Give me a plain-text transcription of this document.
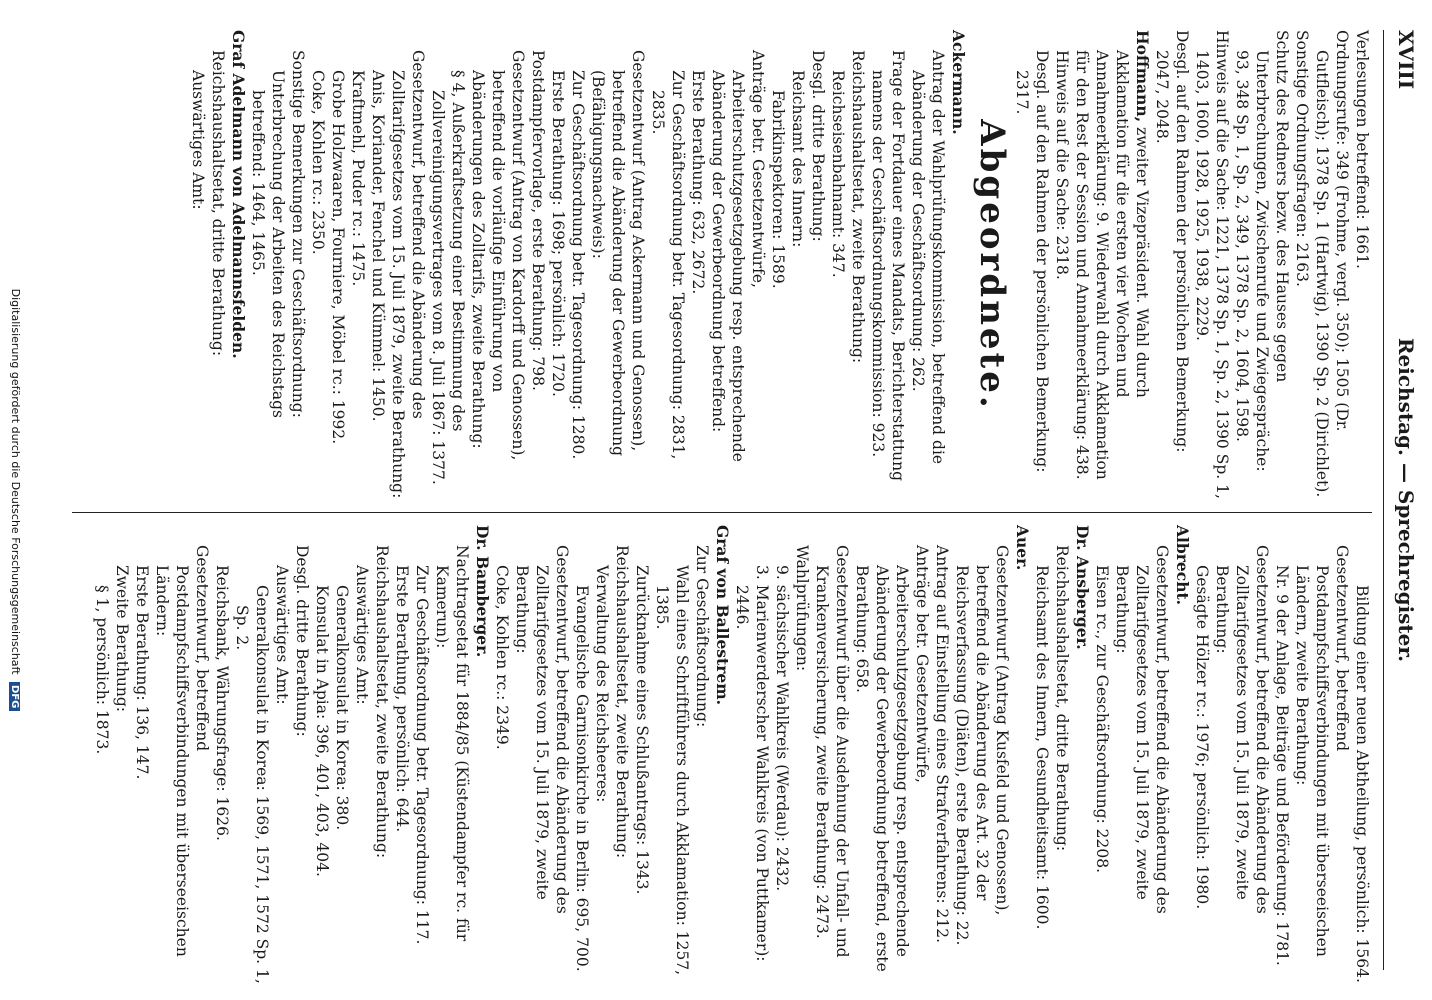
XVIII
Reichstag. — Sprechregister.
Verlesungen betreffend: 1661.
Ordnungsrufe: 349 (Frohme, vergl. 350); 1505 (Dr. Gutfleisch); 1378 Sp. 1 (Hartwig), 1390 Sp. 2 (Dirichlet).
Sonstige Ordnungsfragen: 2163.
Schutz des Redners bezw. des Hauses gegen Unterbrechungen, Zwischenrufe und Zwiegespräche: 93, 348 Sp. 1, Sp. 2, 349, 1378 Sp. 2, 1604, 1598.
Hinweis auf die Sache: 1221, 1378 Sp. 1, Sp. 2, 1390 Sp. 1, 1403, 1600, 1928, 1925, 1938, 2229.
Desgl. auf den Rahmen der persönlichen Bemerkung: 2047, 2048.
Hoffmann, zweiter Vizepräsident. Wahl durch Akklamation für die ersten vier Wochen und Annahmeerklärung: 9. Wiederwahl durch Akklamation für den Rest der Session und Annahmeerklärung: 438.
Hinweis auf die Sache: 2318.
Desgl. auf den Rahmen der persönlichen Bemerkung: 2317.
Abgeordnete.
Ackermann.
Antrag der Wahlprüfungskommission, betreffend die Abänderung der Geschäftsordnung: 262.
Frage der Fortdauer eines Mandats, Berichterstattung namens der Geschäftsordnungskommission: 923.
Reichshaushaltsetat, zweite Berathung:
Reichseisenbahnamt: 347.
Desgl. dritte Berathung:
Reichsamt des Innern:
Fabrikinspektoren: 1589.
Anträge betr. Gesetzentwürfe, Arbeiterschutzgesetzgebung resp. entsprechende Abänderung der Gewerbeordnung betreffend:
Erste Berathung: 632, 2672.
Zur Geschäftsordnung betr. Tagesordnung: 2831, 2835.
Gesetzentwurf (Antrag Ackermann und Genossen), betreffend die Abänderung der Gewerbeordnung (Befähigungsnachweis):
Zur Geschäftsordnung betr. Tagesordnung: 1280.
Erste Berathung: 1698; persönlich: 1720.
Postdampfervorlage, erste Berathung: 798.
Gesetzentwurf (Antrag von Kardorff und Genossen), betreffend die vorläufige Einführung von Abänderungen des Zolltarifs, zweite Berathung:
§ 4, Außerkraftsetzung einer Bestimmung des Zollvereinigungsvertrages vom 8. Juli 1867: 1377.
Gesetzentwurf, betreffend die Abänderung des Zolltarifgesetzes vom 15. Juli 1879, zweite Berathung:
Anis, Koriander, Fenchel und Kümmel: 1450.
Kraftmehl, Puder rc.: 1475.
Grobe Holzwaaren, Fourniere, Möbel rc.: 1992.
Coke, Kohlen rc.: 2350.
Sonstige Bemerkungen zur Geschäftsordnung:
Unterbrechung der Arbeiten des Reichstags betreffend: 1464, 1465.
Graf Adelmann von Adelmannsfelden.
Reichshaushaltsetat, dritte Berathung:
Auswärtiges Amt:
Bildung einer neuen Abtheilung, persönlich: 1564.
Gesetzentwurf, betreffend Postdampfschiffsverbindungen mit überseeischen Ländern, zweite Berathung:
Nr. 9 der Anlage, Beiträge und Beförderung: 1781.
Gesetzentwurf, betreffend die Abänderung des Zolltarifgesetzes vom 15. Juli 1879, zweite Berathung:
Gesägte Hölzer rc.: 1976; persönlich: 1980.
Albrecht.
Gesetzentwurf, betreffend die Abänderung des Zolltarifgesetzes vom 15. Juli 1879, zweite Berathung:
Eisen rc., zur Geschäftsordnung: 2208.
Dr. Ansberger.
Reichshaushaltsetat, dritte Berathung:
Reichsamt des Innern, Gesundheitsamt: 1600.
Auer.
Gesetzentwurf (Antrag Kusfeld und Genossen), betreffend die Abänderung des Art. 32 der Reichsverfassung (Diäten), erste Berathung: 22.
Antrag auf Einstellung eines Strafverfahrens: 212.
Anträge betr. Gesetzentwürfe, Arbeiterschutzgesetzgebung resp. entsprechende Abänderung der Gewerbeordnung betreffend, erste Berathung: 658.
Gesetzentwurf über die Ausdehnung der Unfall- und Krankenversicherung, zweite Berathung: 2473.
Wahlprüfungen:
9. sächsischer Wahlkreis (Werdau): 2432.
3. Marienwerderscher Wahlkreis (von Puttkamer): 2446.
Graf von Ballestrem.
Zur Geschäftsordnung:
Wahl eines Schriftführers durch Akklamation: 1257, 1385.
Zurücknahme eines Schlußantrags: 1343.
Reichshaushaltsetat, zweite Berathung:
Verwaltung des Reichsheeres:
Evangelische Garnisonkirche in Berlin: 695, 700.
Gesetzentwurf, betreffend die Abänderung des Zolltarifgesetzes vom 15. Juli 1879, zweite Berathung:
Coke, Kohlen rc.: 2349.
Dr. Bamberger.
Nachtragsetat für 1884/85 (Küstendampfer rc. für Kamerun):
Zur Geschäftsordnung betr. Tagesordnung: 117.
Erste Berathung, persönlich: 644.
Reichshaushaltsetat, zweite Berathung:
Auswärtiges Amt:
Generalkonsulat in Korea: 380.
Konsulat in Apia: 396, 401, 403, 404.
Desgl. dritte Berathung:
Auswärtiges Amt:
Generalkonsulat in Korea: 1569, 1571, 1572 Sp. 1, Sp. 2.
Reichsbank, Währungsfrage: 1626.
Gesetzentwurf, betreffend Postdampfschiffsverbindungen mit überseeischen Ländern:
Erste Berathung: 136, 147.
Zweite Berathung:
§ 1, persönlich: 1873.
Digitalisierung gefördert durch die Deutsche Forschungsgemeinschaft DFG
